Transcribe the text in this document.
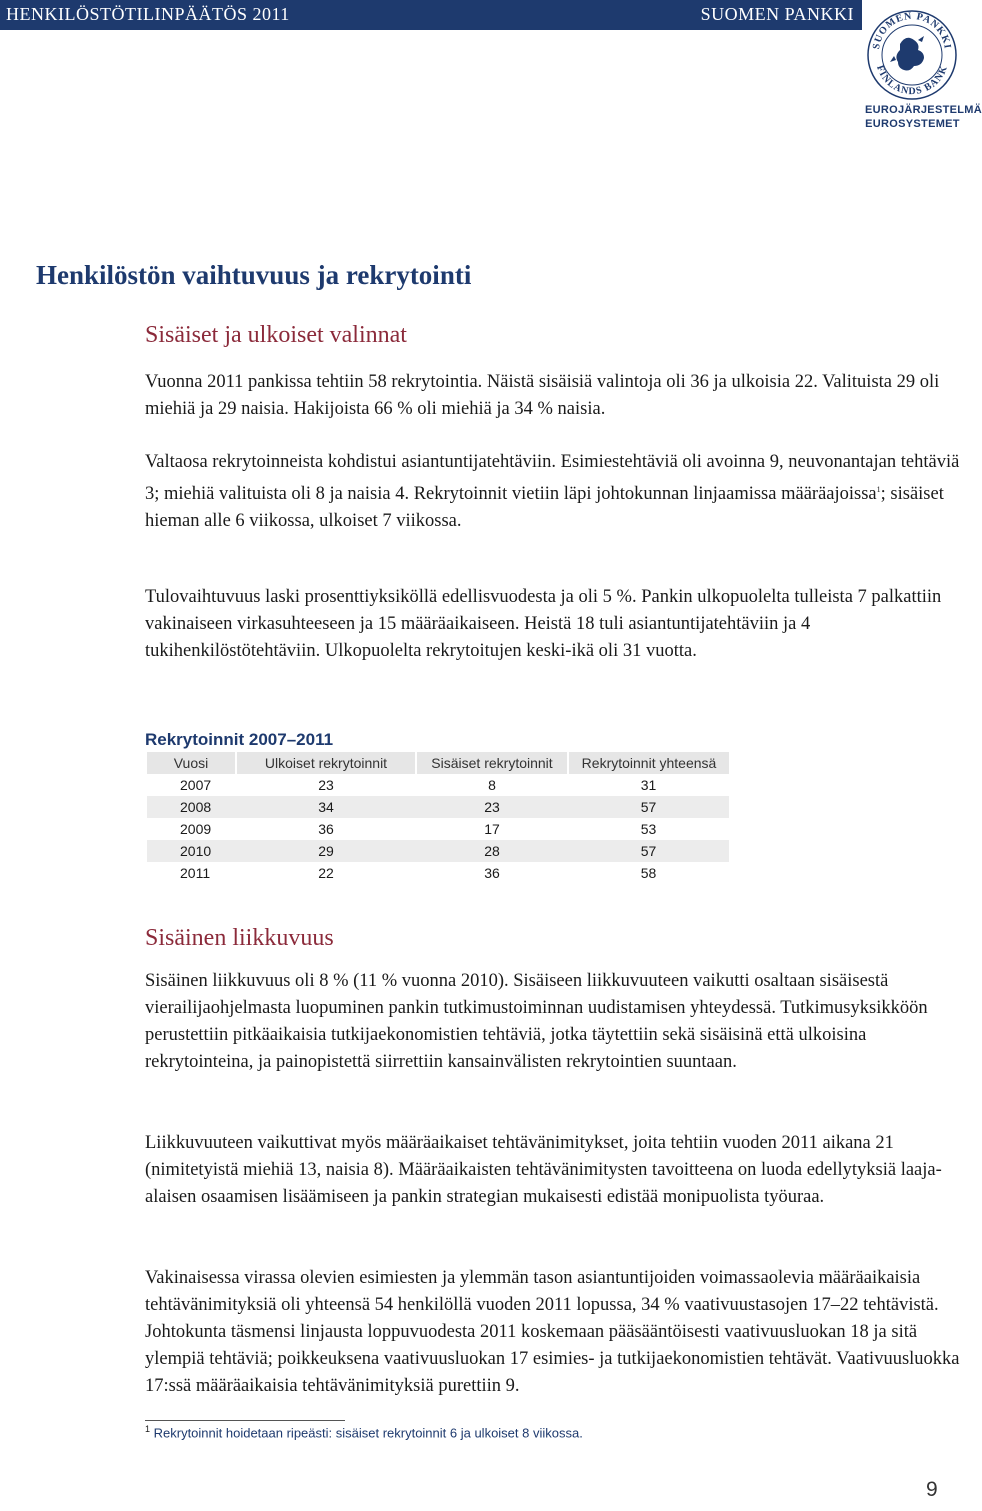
HENKILÖSTÖTILINPÄÄTÖS 2011	SUOMEN PANKKI
SUOMEN PANKKI
FINLANDS BANK
EUROJÄRJESTELMÄ
EUROSYSTEMET
Henkilöstön vaihtuvuus ja rekrytointi
Sisäiset ja ulkoiset valinnat

Vuonna 2011 pankissa tehtiin 58 rekrytointia. Näistä sisäisiä valintoja oli 36 ja ulkoisia 22. Valituista 29 oli miehiä ja 29 naisia. Hakijoista 66 % oli miehiä ja 34 % naisia.

Valtaosa rekrytoinneista kohdistui asiantuntijatehtäviin. Esimiestehtäviä oli avoinna 9, neuvonantajan tehtäviä 3; miehiä valituista oli 8 ja naisia 4. Rekrytoinnit vietiin läpi johtokunnan linjaamissa määräajoissa$^1$; sisäiset hieman alle 6 viikossa, ulkoiset 7 viikossa.

Tulovaihtuvuus laski prosenttiyksiköllä edellisvuodesta ja oli 5 %. Pankin ulkopuolelta tulleista 7 palkattiin vakinaiseen virkasuhteeseen ja 15 määräaikaiseen. Heistä 18 tuli asiantuntijatehtäviin ja 4 tukihenkilöstötehtäviin. Ulkopuolelta rekrytoitujen keski-ikä oli 31 vuotta.

Rekrytoinnit 2007–2011
Vuosi	Ulkoiset rekrytoinnit	Sisäiset rekrytoinnit	Rekrytoinnit yhteensä
2007	23	8	31
2008	34	23	57
2009	36	17	53
2010	29	28	57
2011	22	36	58
Sisäinen liikkuvuus

Sisäinen liikkuvuus oli 8 % (11 % vuonna 2010). Sisäiseen liikkuvuuteen vaikutti osaltaan sisäisestä vierailijaohjelmasta luopuminen pankin tutkimustoiminnan uudistamisen yhteydessä. Tutkimusyksikköön perustettiin pitkäaikaisia tutkijaekonomistien tehtäviä, jotka täytettiin sekä sisäisinä että ulkoisina rekrytointeina, ja painopistettä siirrettiin kansainvälisten rekrytointien suuntaan.

Liikkuvuuteen vaikuttivat myös määräaikaiset tehtävänimitykset, joita tehtiin vuoden 2011 aikana 21 (nimitetyistä miehiä 13, naisia 8). Määräaikaisten tehtävänimitysten tavoitteena on luoda edellytyksiä laaja-alaisen osaamisen lisäämiseen ja pankin strategian mukaisesti edistää monipuolista työuraa.

Vakinaisessa virassa olevien esimiesten ja ylemmän tason asiantuntijoiden voimassaolevia määräaikaisia tehtävänimityksiä oli yhteensä 54 henkilöllä vuoden 2011 lopussa, 34 % vaativuustasojen 17–22 tehtävistä. Johtokunta täsmensi linjausta loppuvuodesta 2011 koskemaan pääsääntöisesti vaativuusluokan 18 ja sitä ylempiä tehtäviä; poikkeuksena vaativuusluokan 17 esimies- ja tutkijaekonomistien tehtävät. Vaativuusluokka 17:ssä määräaikaisia tehtävänimityksiä purettiin 9.

$^1$ Rekrytoinnit hoidetaan ripeästi: sisäiset rekrytoinnit 6 ja ulkoiset 8 viikossa.
9
